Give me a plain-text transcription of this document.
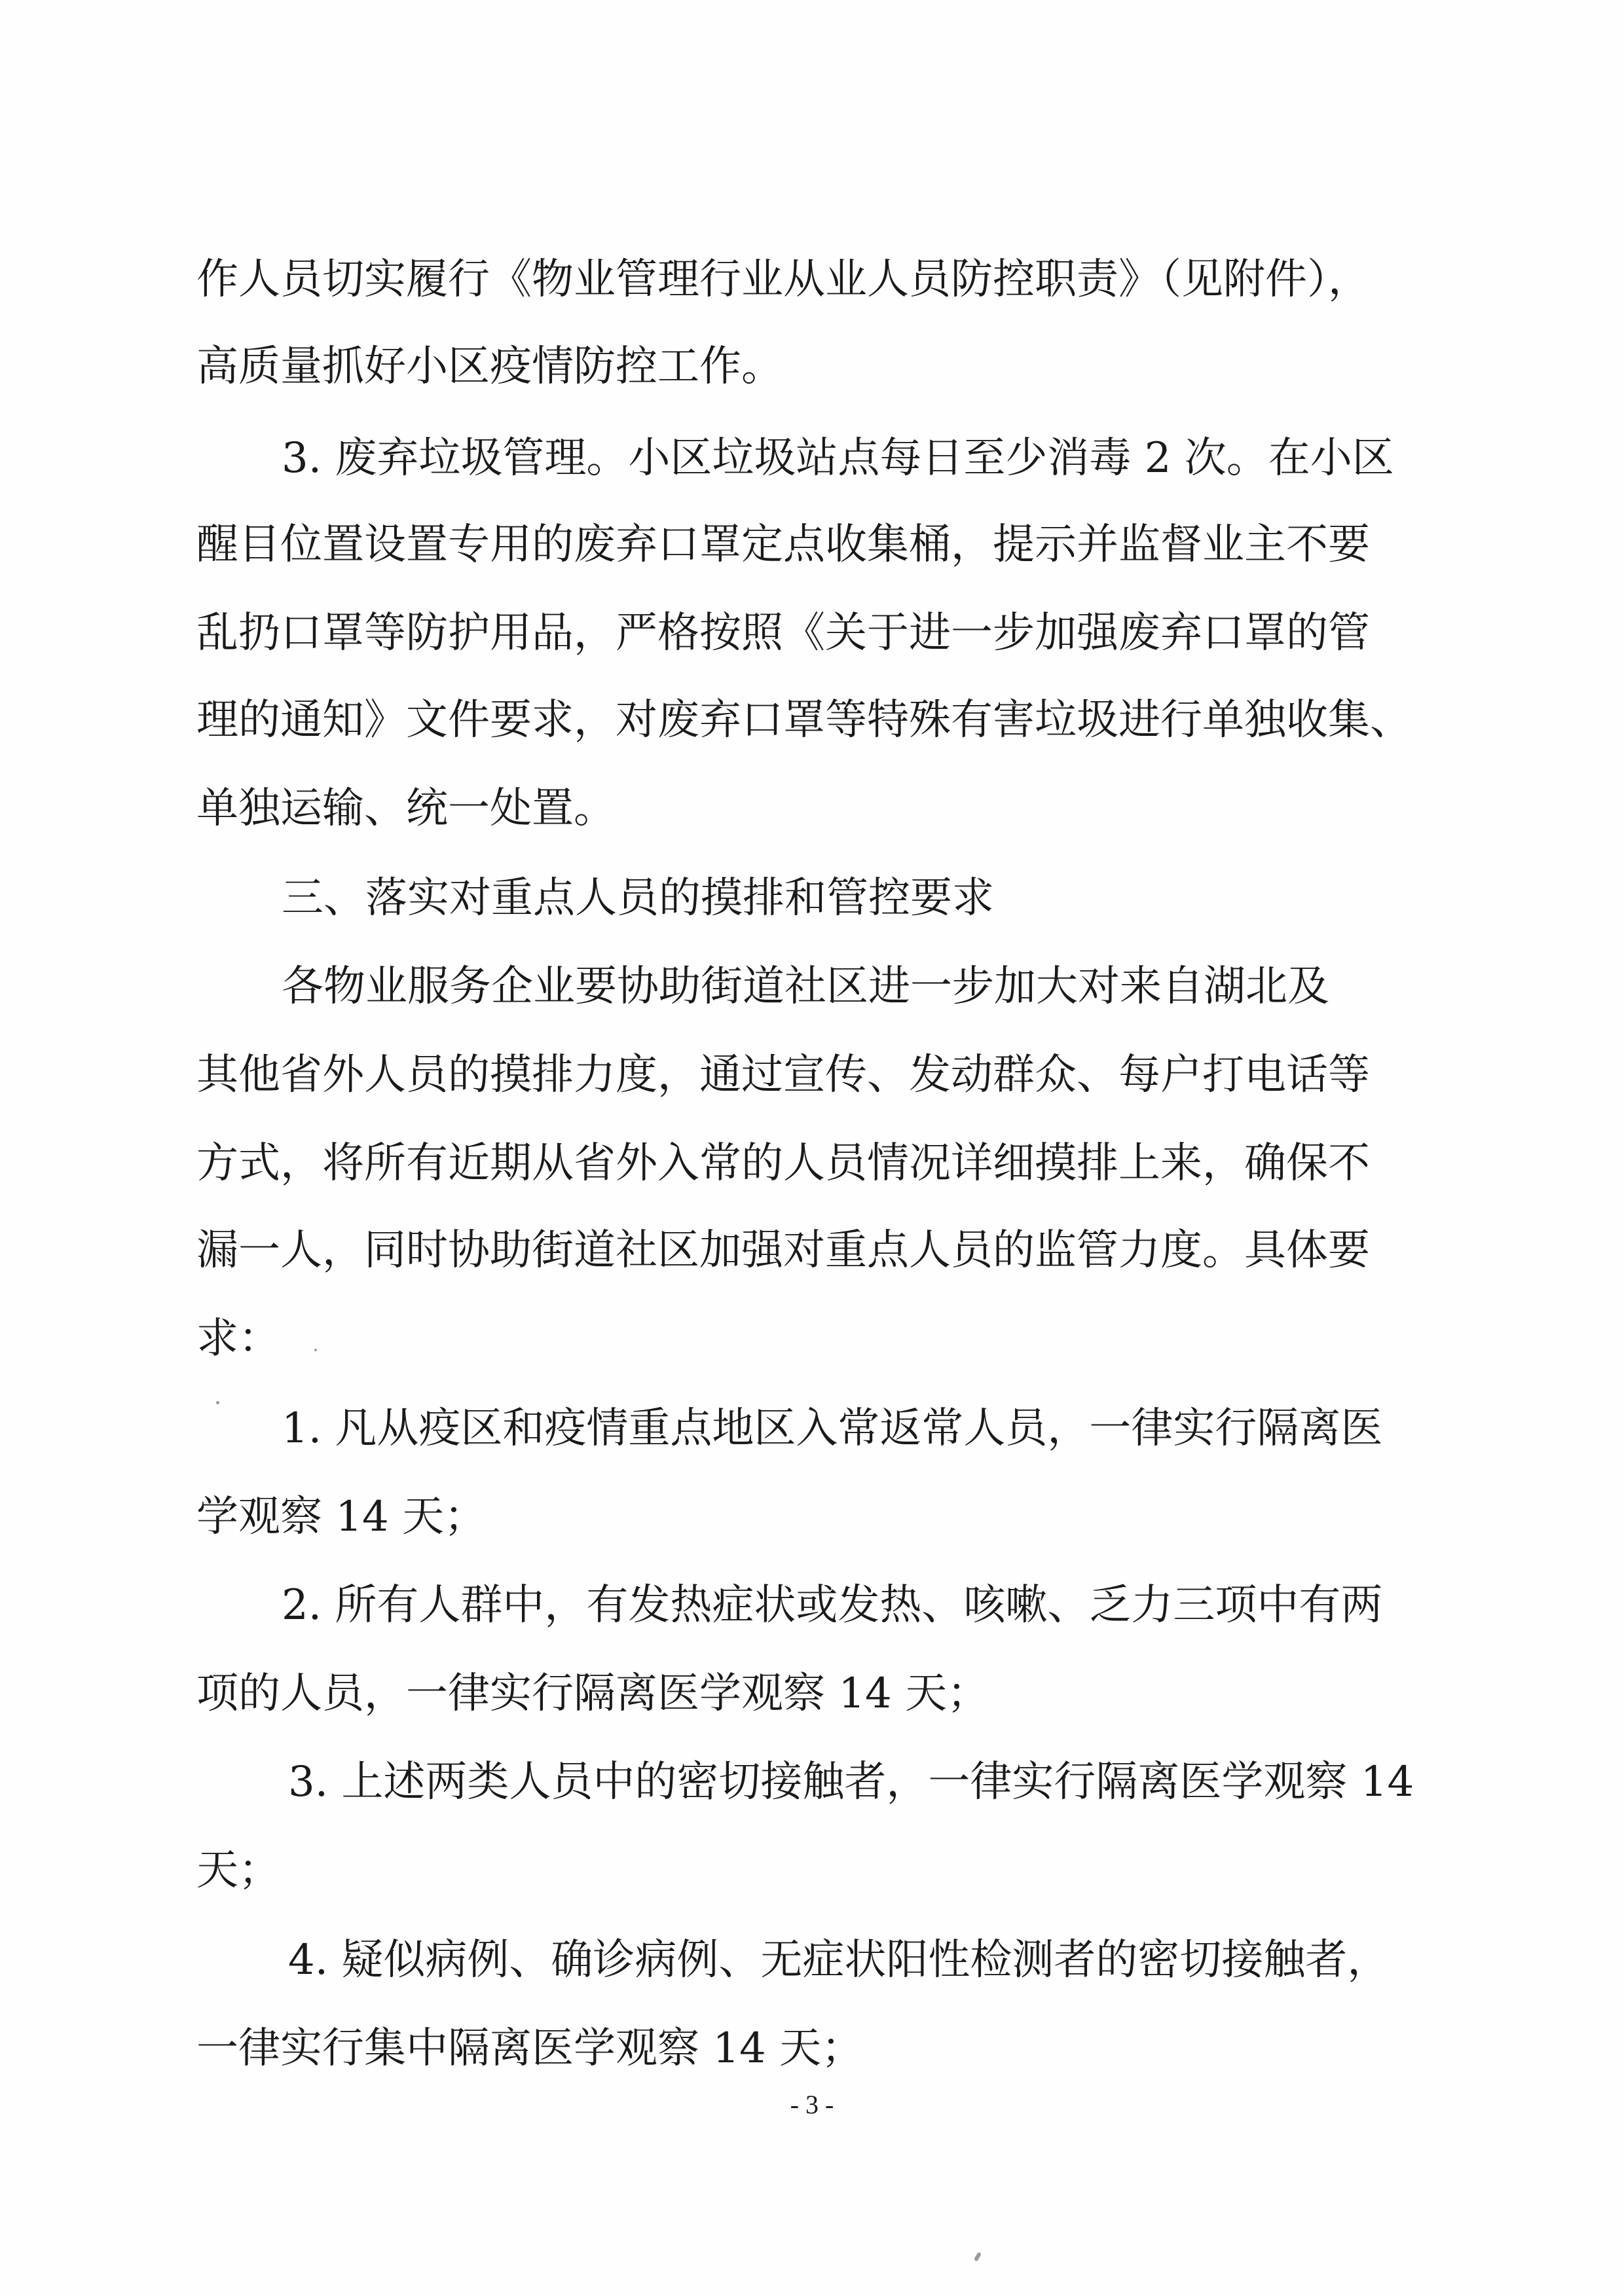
作人员切实履行《物业管理行业从业人员防控职责》（见附件），
高质量抓好小区疫情防控工作。
3. 废弃垃圾管理。小区垃圾站点每日至少消毒 2 次。在小区
醒目位置设置专用的废弃口罩定点收集桶，提示并监督业主不要
乱扔口罩等防护用品，严格按照《关于进一步加强废弃口罩的管
理的通知》文件要求，对废弃口罩等特殊有害垃圾进行单独收集、
单独运输、统一处置。
三、落实对重点人员的摸排和管控要求
各物业服务企业要协助街道社区进一步加大对来自湖北及
其他省外人员的摸排力度，通过宣传、发动群众、每户打电话等
方式，将所有近期从省外入常的人员情况详细摸排上来，确保不
漏一人，同时协助街道社区加强对重点人员的监管力度。具体要
求：
1. 凡从疫区和疫情重点地区入常返常人员，一律实行隔离医
学观察 14 天；
2. 所有人群中，有发热症状或发热、咳嗽、乏力三项中有两
项的人员，一律实行隔离医学观察 14 天；
3. 上述两类人员中的密切接触者，一律实行隔离医学观察 14
天；
4. 疑似病例、确诊病例、无症状阳性检测者的密切接触者，
一律实行集中隔离医学观察 14 天；
- 3 -
